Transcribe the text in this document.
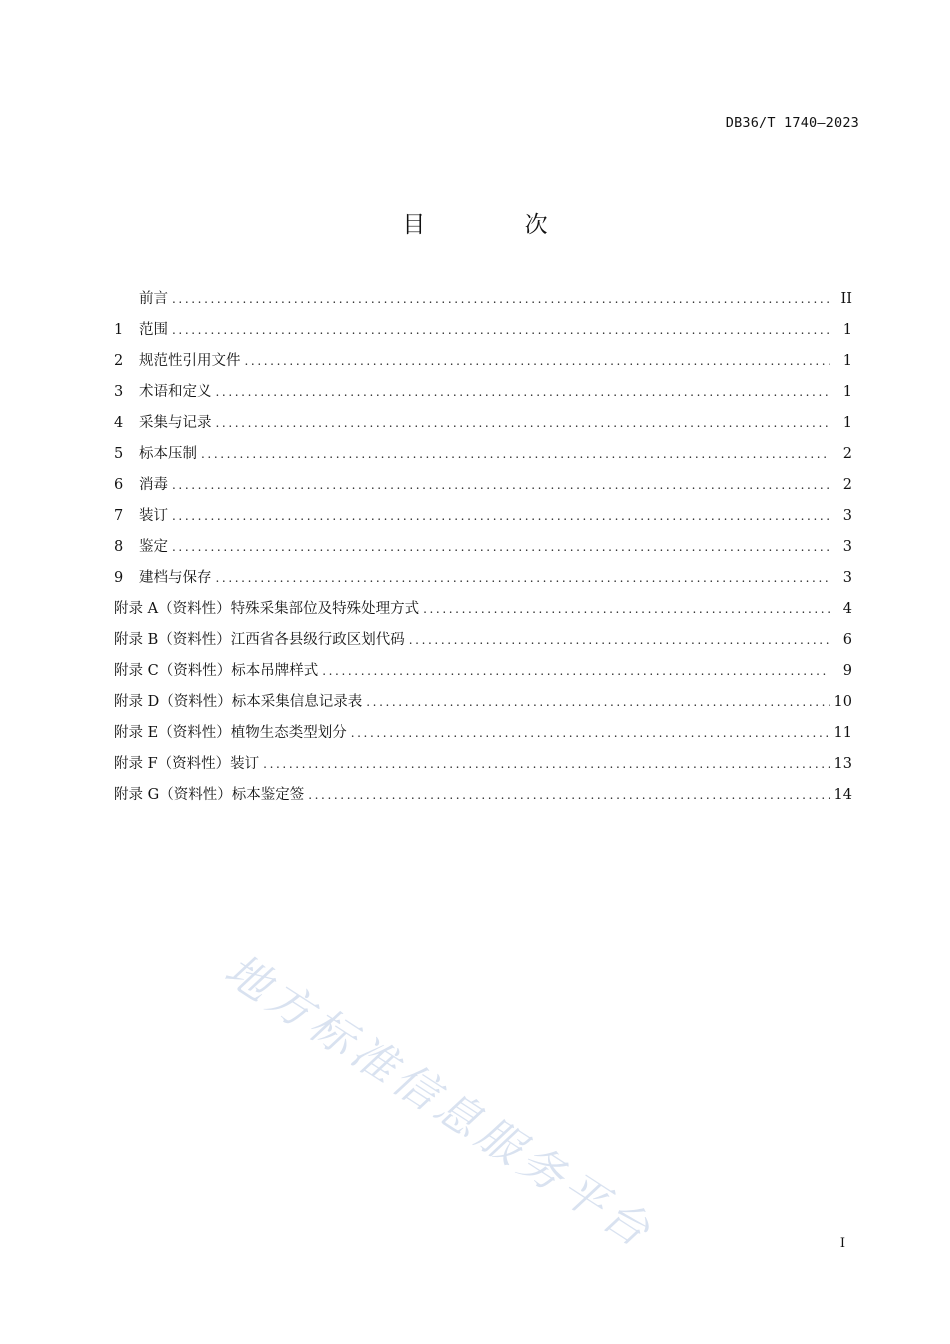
DB36/T 1740—2023
目 次
前言 .....	II
1	范围 .....	1
2	规范性引用文件 .....	1
3	术语和定义 .....	1
4	采集与记录 .....	1
5	标本压制 .....	2
6	消毒 .....	2
7	装订 .....	3
8	鉴定 .....	3
9	建档与保存 .....	3
附录 A（资料性）特殊采集部位及特殊处理方式 .....	4
附录 B（资料性）江西省各县级行政区划代码 .....	6
附录 C（资料性）标本吊牌样式 .....	9
附录 D（资料性）标本采集信息记录表 .....	10
附录 E（资料性）植物生态类型划分 .....	11
附录 F（资料性）装订 .....	13
附录 G（资料性）标本鉴定签 .....	14
地方标准信息服务平台	I
